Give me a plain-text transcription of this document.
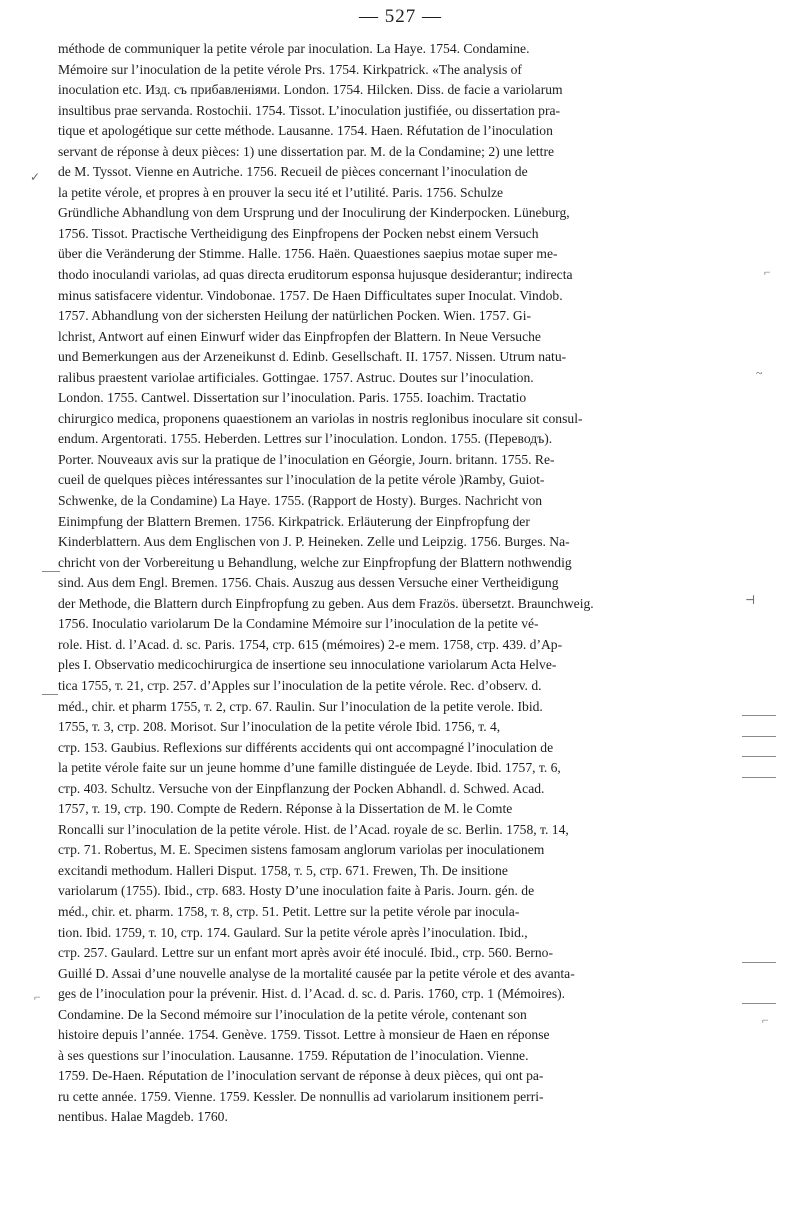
— 527 —
✓
⌐
~
⊣
⌐
⌐
méthode de communiquer la petite vérole par inoculation. La Haye. 1754. Condamine.
Mémoire sur l’inoculation de la petite vérole Prs. 1754. Kirkpatrick. «The analysis of
inoculation etc. Изд. съ прибавленiями. London. 1754. Hilcken. Diss. de facie a variolarum
insultibus prae servanda. Rostochii. 1754. Tissot. L’inoculation justifiée, ou dissertation pra-
tique et apologétique sur cette méthode. Lausanne. 1754. Haen. Réfutation de l’inoculation
servant de réponse à deux pièces: 1) une dissertation par. M. de la Condamine; 2) une lettre
de M. Tyssot. Vienne en Autriche. 1756. Recueil de pièces concernant l’inoculation de
la petite vérole, et propres à en prouver la secu ité et l’utilité. Paris. 1756. Schulze
Gründliche Abhandlung von dem Ursprung und der Inoculirung der Kinderpocken. Lüneburg,
1756. Tissot. Practische Vertheidigung des Einpfropens der Pocken nebst einem Versuch
über die Veränderung der Stimme. Halle. 1756. Haën. Quaestiones saepius motae super me-
thodo inoculandi variolas, ad quas directa eruditorum esponsa hujusque desiderantur; indirecta
minus satisfacere videntur. Vindobonae. 1757. De Haen Difficultates super Inoculat. Vindob.
1757. Abhandlung von der sichersten Heilung der natürlichen Pocken. Wien. 1757. Gi-
lchrist, Antwort auf einen Einwurf wider das Einpfropfen der Blattern. In Neue Versuche
und Bemerkungen aus der Arzeneikunst d. Edinb. Gesellschaft. II. 1757. Nissen. Utrum natu-
ralibus praestent variolae artificiales. Gottingae. 1757. Astruc. Doutes sur l’inoculation.
London. 1755. Cantwel. Dissertation sur l’inoculation. Paris. 1755. Ioachim. Tractatio
chirurgico medica, proponens quaestionem an variolas in nostris reglonibus inoculare sit consul-
endum. Argentorati. 1755. Heberden. Lettres sur l’inoculation. London. 1755. (Переводъ).
Porter. Nouveaux avis sur la pratique de l’inoculation en Géorgie, Journ. britann. 1755. Re-
cueil de quelques pièces intéressantes sur l’inoculation de la petite vérole )Ramby, Guiot-
Schwenke, de la Condamine) La Haye. 1755. (Rapport de Hosty). Burges. Nachricht von
Einimpfung der Blattern Bremen. 1756. Kirkpatrick. Erläuterung der Einpfropfung der
Kinderblattern. Aus dem Englischen von J. P. Heineken. Zelle und Leipzig. 1756. Burges. Na-
chricht von der Vorbereitung u Behandlung, welche zur Einpfropfung der Blattern nothwendig
sind. Aus dem Engl. Bremen. 1756. Chais. Auszug aus dessen Versuche einer Vertheidigung
der Methode, die Blattern durch Einpfropfung zu geben. Aus dem Frazös. übersetzt. Braunchweig.
1756. Inoculatio variolarum De la Condamine Mémoire sur l’inoculation de la petite vé-
role. Hist. d. l’Acad. d. sc. Paris. 1754, стр. 615 (mémoires) 2-е mem. 1758, стр. 439. d’Ap-
ples I. Observatio medicochirurgica de insertione seu innoculatione variolarum Acta Helve-
tica 1755, т. 21, стр. 257. d’Apples sur l’inoculation de la petite vérole. Rec. d’observ. d.
méd., chir. et pharm 1755, т. 2, стр. 67. Raulin. Sur l’inoculation de la petite verole. Ibid.
1755, т. 3, стр. 208. Morisot. Sur l’inoculation de la petite vérole Ibid. 1756, т. 4,
стр. 153. Gaubius. Reflexions sur différents accidents qui ont accompagné l’inoculation de
la petite vérole faite sur un jeune homme d’une famille distinguée de Leyde. Ibid. 1757, т. 6,
стр. 403. Schultz. Versuche von der Einpflanzung der Pocken Abhandl. d. Schwed. Acad.
1757, т. 19, стр. 190. Compte de Redern. Réponse à la Dissertation de M. le Comte
Roncalli sur l’inoculation de la petite vérole. Hist. de l’Acad. royale de sc. Berlin. 1758, т. 14,
стр. 71. Robertus, M. E. Specimen sistens famosam anglorum variolas per inoculationem
excitandi methodum. Halleri Disput. 1758, т. 5, стр. 671. Frewen, Th. De insitione
variolarum (1755). Ibid., стр. 683. Hosty D’une inoculation faite à Paris. Journ. gén. de
méd., chir. et. pharm. 1758, т. 8, стр. 51. Petit. Lettre sur la petite vérole par inocula-
tion. Ibid. 1759, т. 10, стр. 174. Gaulard. Sur la petite vérole après l’inoculation. Ibid.,
стр. 257. Gaulard. Lettre sur un enfant mort après avoir été inoculé. Ibid., стр. 560. Berno-
Guillé D. Assai d’une nouvelle analyse de la mortalité causée par la petite vérole et des avanta-
ges de l’inoculation pour la prévenir. Hist. d. l’Acad. d. sc. d. Paris. 1760, стр. 1 (Mémoires).
Condamine. De la Second mémoire sur l’inoculation de la petite vérole, contenant son
histoire depuis l’année. 1754. Genève. 1759. Tissot. Lettre à monsieur de Haen en réponse
à ses questions sur l’inoculation. Lausanne. 1759. Réputation de l’inoculation. Vienne.
1759. De-Haen. Réputation de l’inoculation servant de réponse à deux pièces, qui ont pa-
ru cette année. 1759. Vienne. 1759. Kessler. De nonnullis ad variolarum insitionem perri-
nentibus. Halae Magdeb. 1760.
